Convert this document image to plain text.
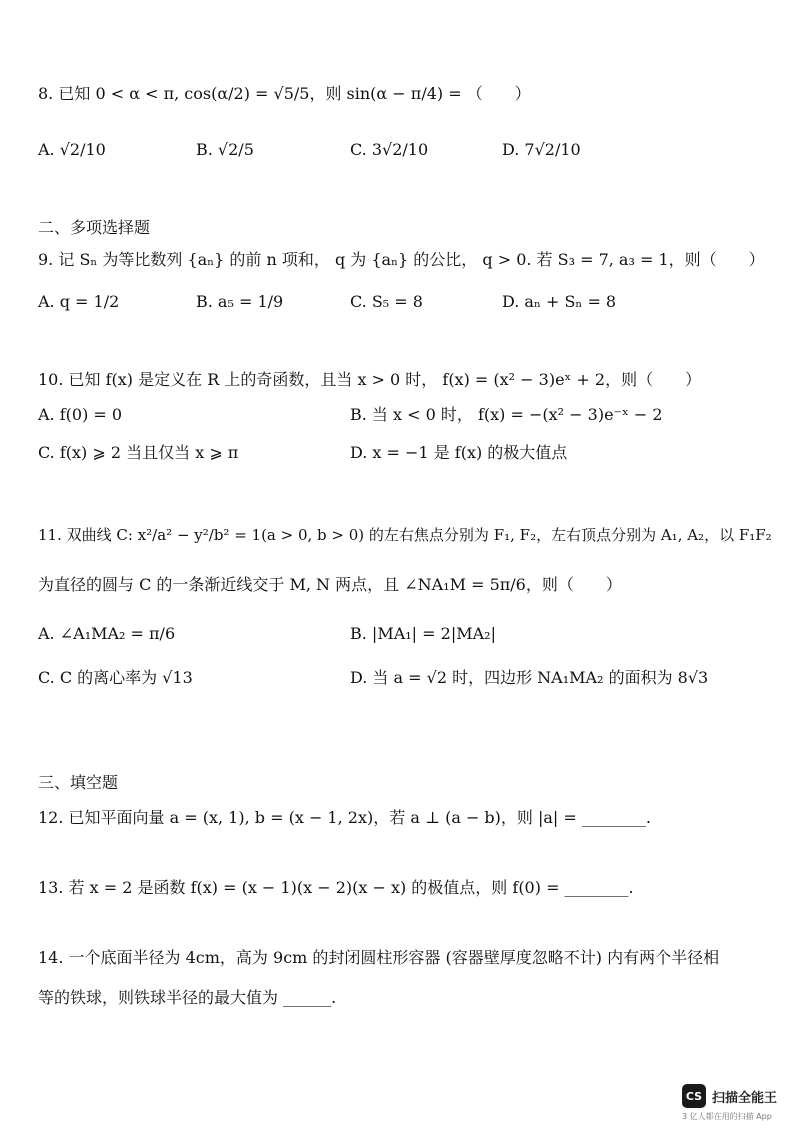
8. 已知 0 < α < π, cos(α/2) = √5/5，则 sin(α − π/4) = （　　）
A. √2/10	B. √2/5	C. 3√2/10	D. 7√2/10
二、多项选择题
9. 记 Sₙ 为等比数列 {aₙ} 的前 n 项和， q 为 {aₙ} 的公比， q > 0. 若 S₃ = 7, a₃ = 1，则（　　）
A. q = 1/2	B. a₅ = 1/9	C. S₅ = 8	D. aₙ + Sₙ = 8
10. 已知 f(x) 是定义在 R 上的奇函数，且当 x > 0 时， f(x) = (x² − 3)eˣ + 2，则（　　）
A. f(0) = 0	B. 当 x < 0 时， f(x) = −(x² − 3)e⁻ˣ − 2
C. f(x) ⩾ 2 当且仅当 x ⩾ π	D. x = −1 是 f(x) 的极大值点
11. 双曲线 C: x²/a² − y²/b² = 1(a > 0, b > 0) 的左右焦点分别为 F₁, F₂，左右顶点分别为 A₁, A₂，以 F₁F₂
为直径的圆与 C 的一条渐近线交于 M, N 两点，且 ∠NA₁M = 5π/6，则（　　）
A. ∠A₁MA₂ = π/6	B. |MA₁| = 2|MA₂|
C. C 的离心率为 √13	D. 当 a = √2 时，四边形 NA₁MA₂ 的面积为 8√3
三、填空题
12. 已知平面向量 a = (x, 1), b = (x − 1, 2x)，若 a ⊥ (a − b)，则 |a| = ________.
13. 若 x = 2 是函数 f(x) = (x − 1)(x − 2)(x − x) 的极值点，则 f(0) = ________.
14. 一个底面半径为 4cm，高为 9cm 的封闭圆柱形容器 (容器壁厚度忽略不计) 内有两个半径相
等的铁球，则铁球半径的最大值为 ______.
CS 扫描全能王
3 亿人都在用的扫描 App
